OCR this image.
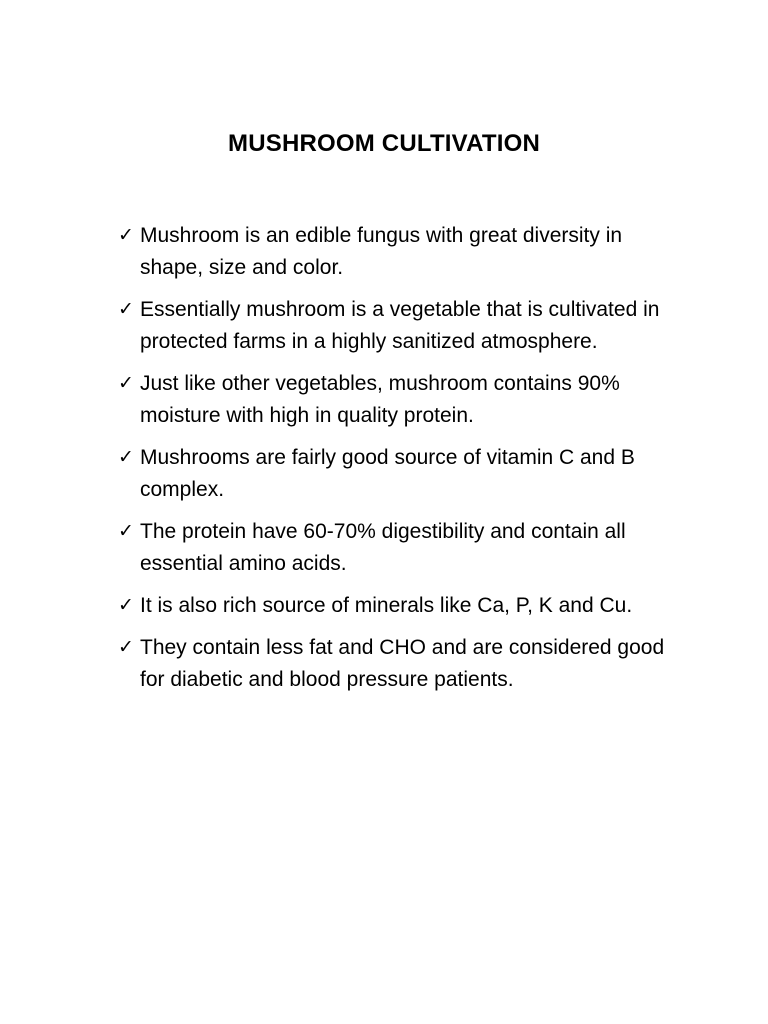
MUSHROOM CULTIVATION
✓ Mushroom is an edible fungus with great diversity in shape, size and color.
✓ Essentially mushroom is a vegetable that is cultivated in protected farms in a highly sanitized atmosphere.
✓ Just like other vegetables, mushroom contains 90% moisture with high in quality protein.
✓ Mushrooms are fairly good source of vitamin C and B complex.
✓ The protein have 60-70% digestibility and contain all essential amino acids.
✓ It is also rich source of minerals like Ca, P, K and Cu.
✓ They contain less fat and CHO and are considered good for diabetic and blood pressure patients.
